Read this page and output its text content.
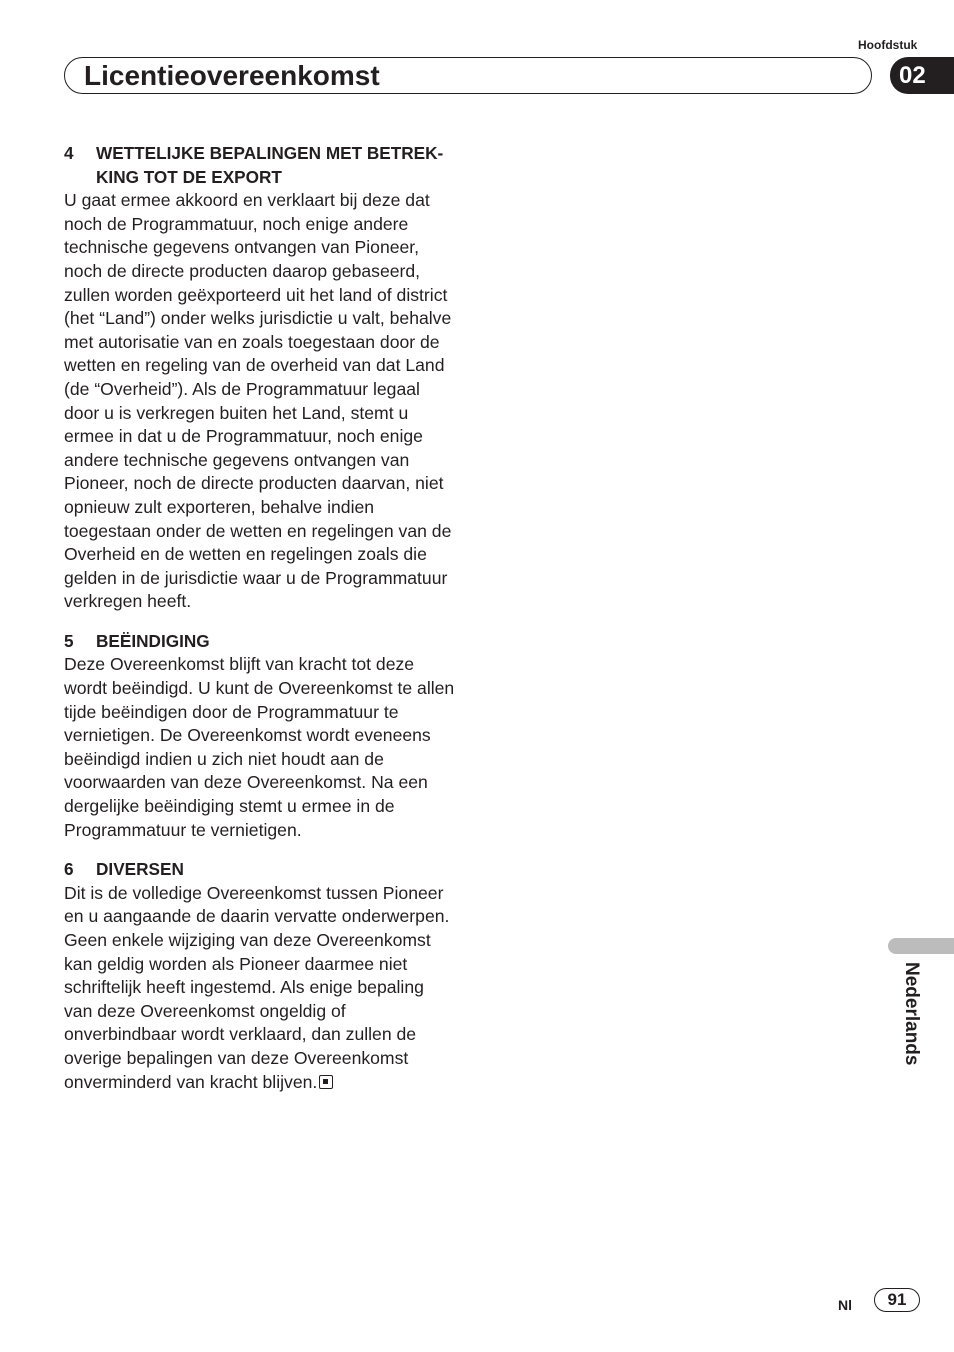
Hoofdstuk
Licentieovereenkomst	02
4	WETTELIJKE BEPALINGEN MET BETREK-KING TOT DE EXPORT

U gaat ermee akkoord en verklaart bij deze dat noch de Programmatuur, noch enige andere technische gegevens ontvangen van Pioneer, noch de directe producten daarop gebaseerd, zullen worden geëxporteerd uit het land of district (het “Land”) onder welks jurisdictie u valt, behalve met autorisatie van en zoals toegestaan door de wetten en regeling van de overheid van dat Land (de “Overheid”). Als de Programmatuur legaal door u is verkregen buiten het Land, stemt u ermee in dat u de Programmatuur, noch enige andere technische gegevens ontvangen van Pioneer, noch de directe producten daarvan, niet opnieuw zult exporteren, behalve indien toegestaan onder de wetten en regelingen van de Overheid en de wetten en regelingen zoals die gelden in de jurisdictie waar u de Programmatuur verkregen heeft.

5	BEËINDIGING

Deze Overeenkomst blijft van kracht tot deze wordt beëindigd. U kunt de Overeenkomst te allen tijde beëindigen door de Programmatuur te vernietigen. De Overeenkomst wordt eveneens beëindigd indien u zich niet houdt aan de voorwaarden van deze Overeenkomst. Na een dergelijke beëindiging stemt u ermee in de Programmatuur te vernietigen.

6	DIVERSEN

Dit is de volledige Overeenkomst tussen Pioneer en u aangaande de daarin vervatte onderwerpen. Geen enkele wijziging van deze Overeenkomst kan geldig worden als Pioneer daarmee niet schriftelijk heeft ingestemd. Als enige bepaling van deze Overeenkomst ongeldig of onverbindbaar wordt verklaard, dan zullen de overige bepalingen van deze Overeenkomst onverminderd van kracht blijven.

Nederlands
Nl	91
